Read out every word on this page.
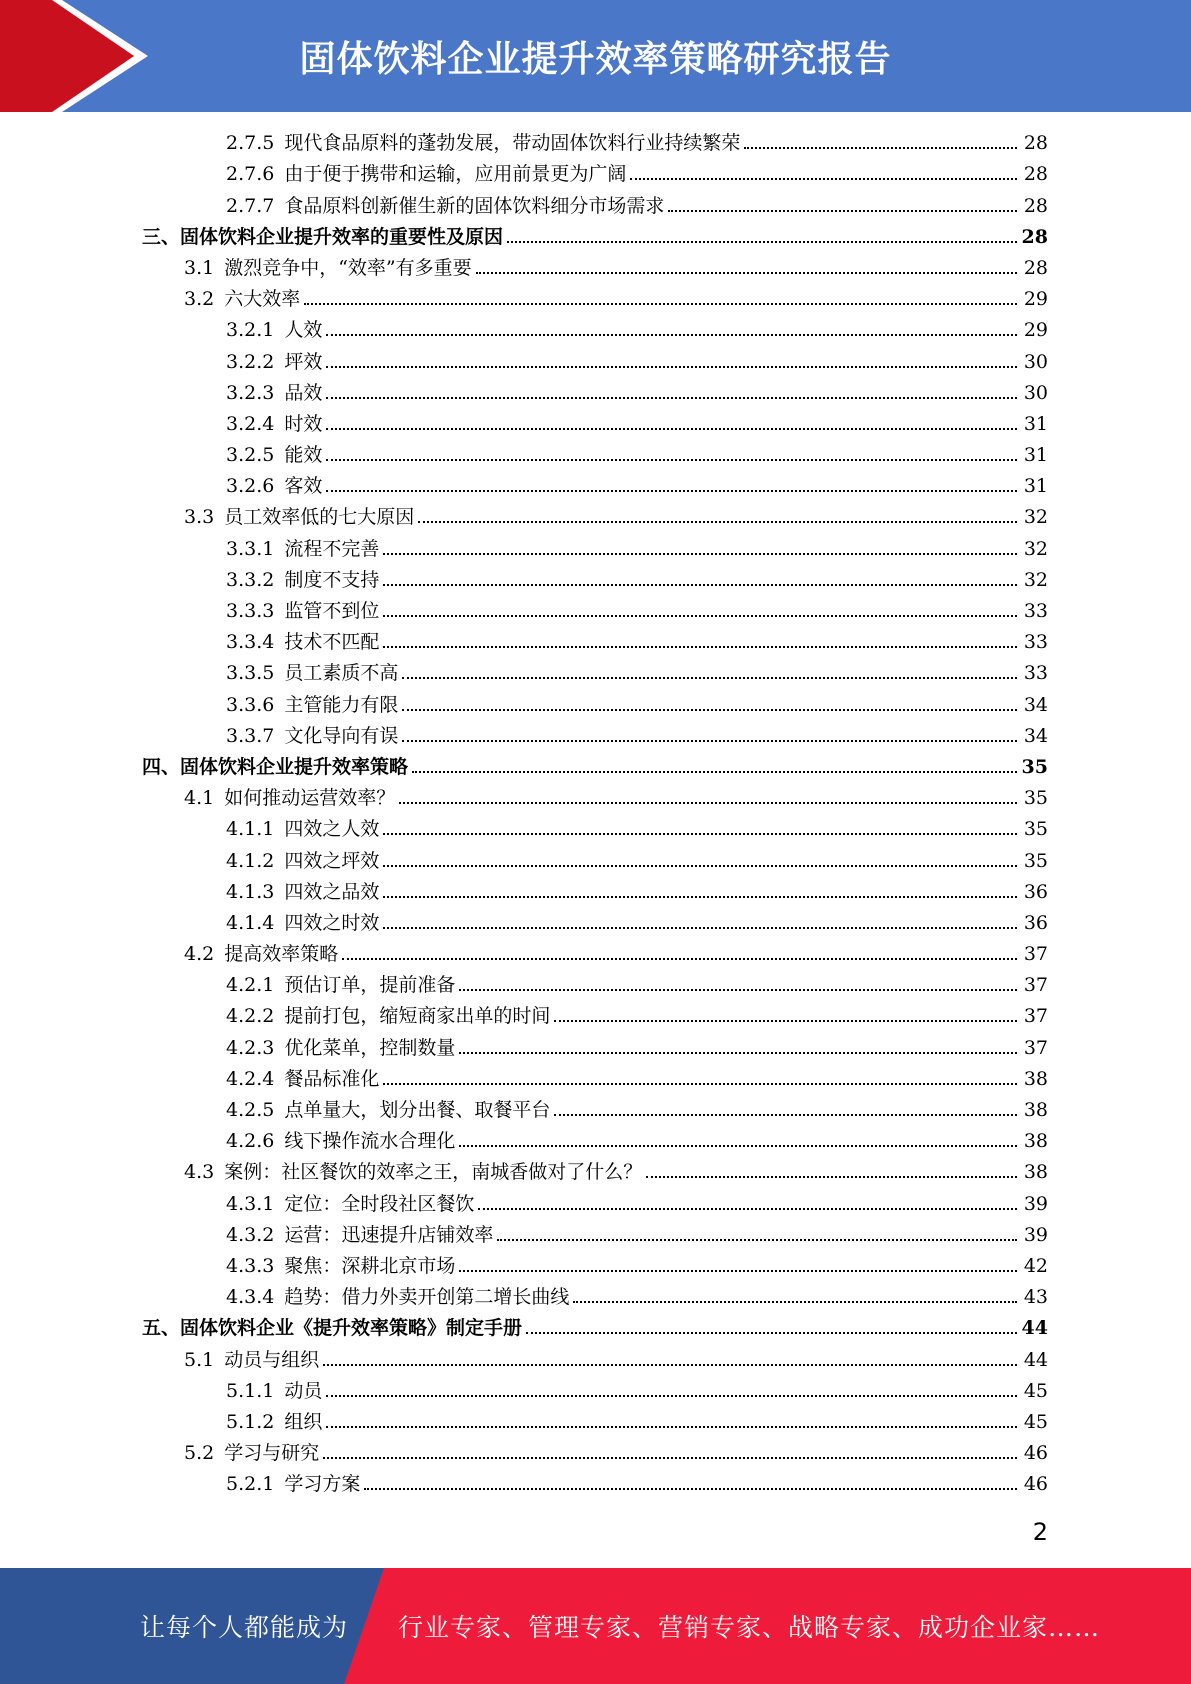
固体饮料企业提升效率策略研究报告
2.7.5 现代食品原料的蓬勃发展，带动固体饮料行业持续繁荣	28
2.7.6 由于便于携带和运输，应用前景更为广阔	28
2.7.7 食品原料创新催生新的固体饮料细分市场需求	28
三、 固体饮料企业提升效率的重要性及原因	28
3.1 激烈竞争中，“效率”有多重要	28
3.2 六大效率	29
3.2.1 人效	29
3.2.2 坪效	30
3.2.3 品效	30
3.2.4 时效	31
3.2.5 能效	31
3.2.6 客效	31
3.3 员工效率低的七大原因	32
3.3.1 流程不完善	32
3.3.2 制度不支持	32
3.3.3 监管不到位	33
3.3.4 技术不匹配	33
3.3.5 员工素质不高	33
3.3.6 主管能力有限	34
3.3.7 文化导向有误	34
四、 固体饮料企业提升效率策略	35
4.1 如何推动运营效率？	35
4.1.1 四效之人效	35
4.1.2 四效之坪效	35
4.1.3 四效之品效	36
4.1.4 四效之时效	36
4.2 提高效率策略	37
4.2.1 预估订单，提前准备	37
4.2.2 提前打包，缩短商家出单的时间	37
4.2.3 优化菜单，控制数量	37
4.2.4 餐品标准化	38
4.2.5 点单量大，划分出餐、取餐平台	38
4.2.6 线下操作流水合理化	38
4.3 案例：社区餐饮的效率之王，南城香做对了什么？	38
4.3.1 定位：全时段社区餐饮	39
4.3.2 运营：迅速提升店铺效率	39
4.3.3 聚焦：深耕北京市场	42
4.3.4 趋势：借力外卖开创第二增长曲线	43
五、 固体饮料企业《提升效率策略》制定手册	44
5.1 动员与组织	44
5.1.1 动员	45
5.1.2 组织	45
5.2 学习与研究	46
5.2.1 学习方案	46
2
让每个人都能成为 行业专家、管理专家、营销专家、战略专家、成功企业家……
